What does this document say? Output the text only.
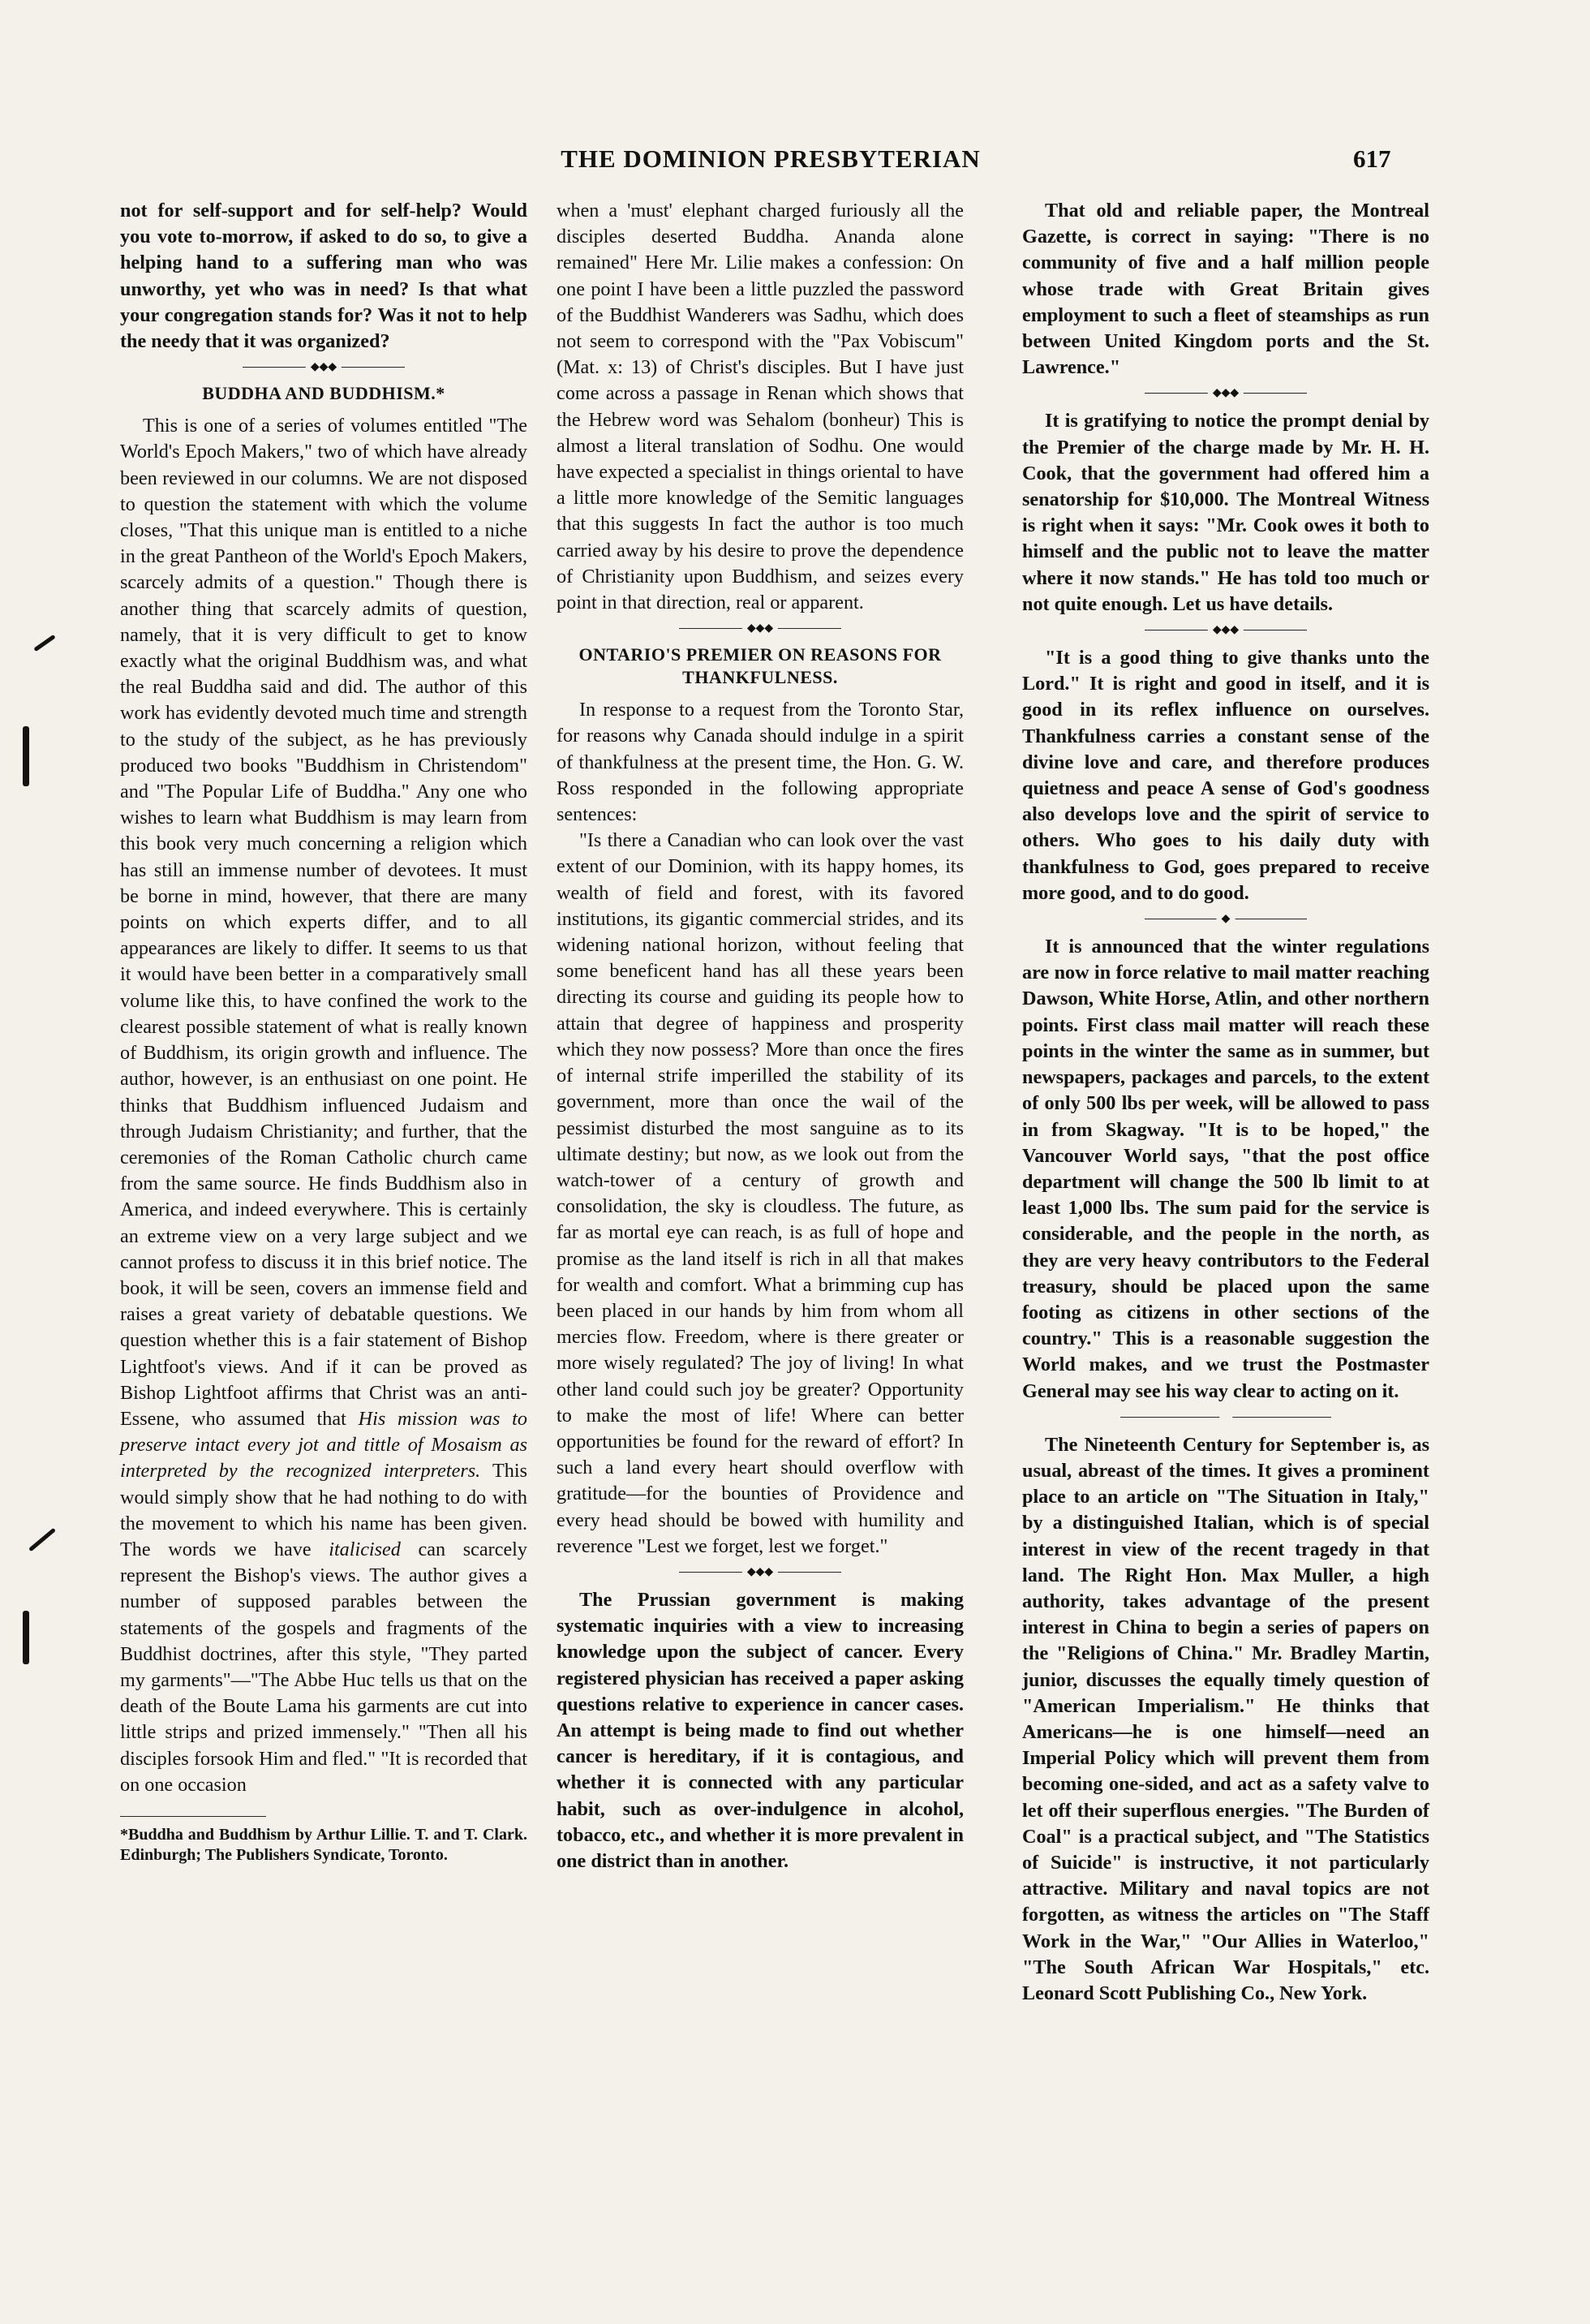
THE DOMINION PRESBYTERIAN	617

not for self-support and for self-help? Would you vote to-morrow, if asked to do so, to give a helping hand to a suffering man who was unworthy, yet who was in need? Is that what your congregation stands for? Was it not to help the needy that it was organized?

◆◆◆
BUDDHA AND BUDDHISM.*

This is one of a series of volumes entitled "The World's Epoch Makers," two of which have already been reviewed in our columns. We are not disposed to question the statement with which the volume closes, "That this unique man is entitled to a niche in the great Pantheon of the World's Epoch Makers, scarcely admits of a question." Though there is another thing that scarcely admits of question, namely, that it is very difficult to get to know exactly what the original Buddhism was, and what the real Buddha said and did. The author of this work has evidently devoted much time and strength to the study of the subject, as he has previously produced two books "Buddhism in Christendom" and "The Popular Life of Buddha." Any one who wishes to learn what Buddhism is may learn from this book very much concerning a religion which has still an immense number of devotees. It must be borne in mind, however, that there are many points on which experts differ, and to all appearances are likely to differ. It seems to us that it would have been better in a comparatively small volume like this, to have confined the work to the clearest possible statement of what is really known of Buddhism, its origin growth and influence. The author, however, is an enthusiast on one point. He thinks that Buddhism influenced Judaism and through Judaism Christianity; and further, that the ceremonies of the Roman Catholic church came from the same source. He finds Buddhism also in America, and indeed everywhere. This is certainly an extreme view on a very large subject and we cannot profess to discuss it in this brief notice. The book, it will be seen, covers an immense field and raises a great variety of debatable questions. We question whether this is a fair statement of Bishop Lightfoot's views. And if it can be proved as Bishop Lightfoot affirms that Christ was an anti-Essene, who assumed that His mission was to preserve intact every jot and tittle of Mosaism as interpreted by the recognized interpreters. This would simply show that he had nothing to do with the movement to which his name has been given. The words we have italicised can scarcely represent the Bishop's views. The author gives a number of supposed parables between the statements of the gospels and fragments of the Buddhist doctrines, after this style, "They parted my garments"—"The Abbe Huc tells us that on the death of the Boute Lama his garments are cut into little strips and prized immensely." "Then all his disciples forsook Him and fled." "It is recorded that on one occasion

*Buddha and Buddhism by Arthur Lillie. T. and T. Clark. Edinburgh; The Publishers Syndicate, Toronto.

when a 'must' elephant charged furiously all the disciples deserted Buddha. Ananda alone remained" Here Mr. Lilie makes a confession: On one point I have been a little puzzled the password of the Buddhist Wanderers was Sadhu, which does not seem to correspond with the "Pax Vobiscum" (Mat. x: 13) of Christ's disciples. But I have just come across a passage in Renan which shows that the Hebrew word was Sehalom (bonheur) This is almost a literal translation of Sodhu. One would have expected a specialist in things oriental to have a little more knowledge of the Semitic languages that this suggests In fact the author is too much carried away by his desire to prove the dependence of Christianity upon Buddhism, and seizes every point in that direction, real or apparent.

◆◆◆
ONTARIO'S PREMIER ON REASONS FOR THANKFULNESS.

In response to a request from the Toronto Star, for reasons why Canada should indulge in a spirit of thankfulness at the present time, the Hon. G. W. Ross responded in the following appropriate sentences:

"Is there a Canadian who can look over the vast extent of our Dominion, with its happy homes, its wealth of field and forest, with its favored institutions, its gigantic commercial strides, and its widening national horizon, without feeling that some beneficent hand has all these years been directing its course and guiding its people how to attain that degree of happiness and prosperity which they now possess? More than once the fires of internal strife imperilled the stability of its government, more than once the wail of the pessimist disturbed the most sanguine as to its ultimate destiny; but now, as we look out from the watch-tower of a century of growth and consolidation, the sky is cloudless. The future, as far as mortal eye can reach, is as full of hope and promise as the land itself is rich in all that makes for wealth and comfort. What a brimming cup has been placed in our hands by him from whom all mercies flow. Freedom, where is there greater or more wisely regulated? The joy of living! In what other land could such joy be greater? Opportunity to make the most of life! Where can better opportunities be found for the reward of effort? In such a land every heart should overflow with gratitude—for the bounties of Providence and every head should be bowed with humility and reverence "Lest we forget, lest we forget."

◆◆◆

The Prussian government is making systematic inquiries with a view to increasing knowledge upon the subject of cancer. Every registered physician has received a paper asking questions relative to experience in cancer cases. An attempt is being made to find out whether cancer is hereditary, if it is contagious, and whether it is connected with any particular habit, such as over-indulgence in alcohol, tobacco, etc., and whether it is more prevalent in one district than in another.

That old and reliable paper, the Montreal Gazette, is correct in saying: "There is no community of five and a half million people whose trade with Great Britain gives employment to such a fleet of steamships as run between United Kingdom ports and the St. Lawrence."

◆◆◆

It is gratifying to notice the prompt denial by the Premier of the charge made by Mr. H. H. Cook, that the government had offered him a senatorship for $10,000. The Montreal Witness is right when it says: "Mr. Cook owes it both to himself and the public not to leave the matter where it now stands." He has told too much or not quite enough. Let us have details.

◆◆◆

"It is a good thing to give thanks unto the Lord." It is right and good in itself, and it is good in its reflex influence on ourselves. Thankfulness carries a constant sense of the divine love and care, and therefore produces quietness and peace A sense of God's goodness also develops love and the spirit of service to others. Who goes to his daily duty with thankfulness to God, goes prepared to receive more good, and to do good.

◆

It is announced that the winter regulations are now in force relative to mail matter reaching Dawson, White Horse, Atlin, and other northern points. First class mail matter will reach these points in the winter the same as in summer, but newspapers, packages and parcels, to the extent of only 500 lbs per week, will be allowed to pass in from Skagway. "It is to be hoped," the Vancouver World says, "that the post office department will change the 500 lb limit to at least 1,000 lbs. The sum paid for the service is considerable, and the people in the north, as they are very heavy contributors to the Federal treasury, should be placed upon the same footing as citizens in other sections of the country." This is a reasonable suggestion the World makes, and we trust the Postmaster General may see his way clear to acting on it.

The Nineteenth Century for September is, as usual, abreast of the times. It gives a prominent place to an article on "The Situation in Italy," by a distinguished Italian, which is of special interest in view of the recent tragedy in that land. The Right Hon. Max Muller, a high authority, takes advantage of the present interest in China to begin a series of papers on the "Religions of China." Mr. Bradley Martin, junior, discusses the equally timely question of "American Imperialism." He thinks that Americans—he is one himself—need an Imperial Policy which will prevent them from becoming one-sided, and act as a safety valve to let off their superflous energies. "The Burden of Coal" is a practical subject, and "The Statistics of Suicide" is instructive, it not particularly attractive. Military and naval topics are not forgotten, as witness the articles on "The Staff Work in the War," "Our Allies in Waterloo," "The South African War Hospitals," etc. Leonard Scott Publishing Co., New York.
